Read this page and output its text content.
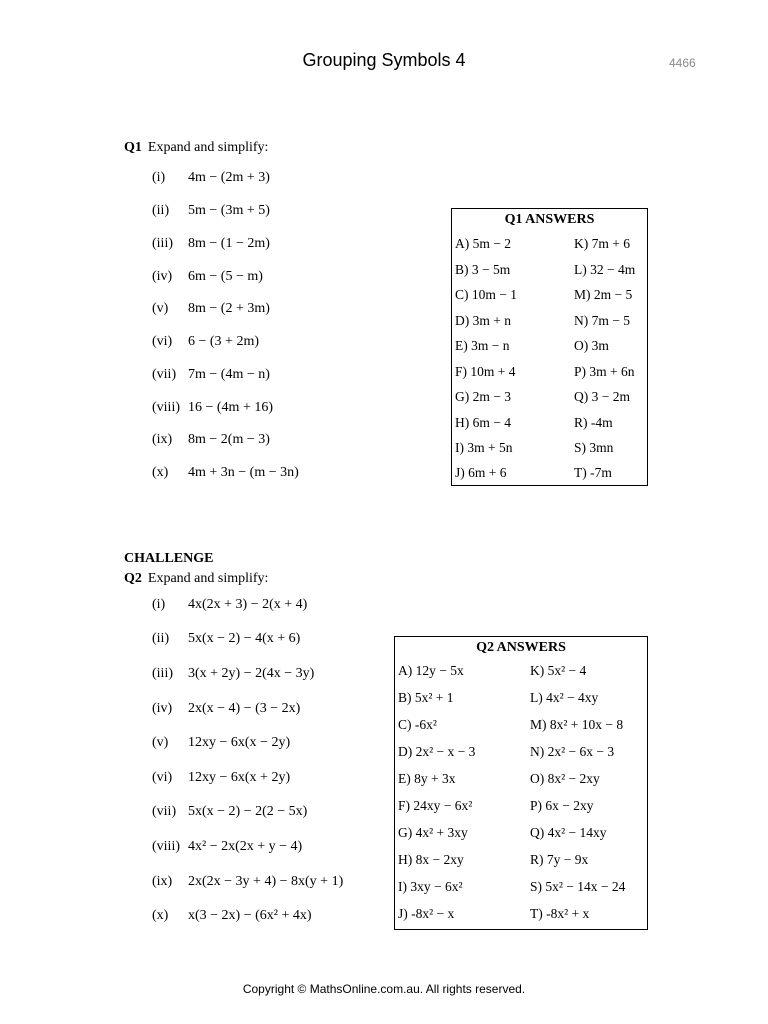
Grouping Symbols 4	4466
Q1 Expand and simplify:
(i) 4m − (2m + 3)
(ii) 5m − (3m + 5)
(iii) 8m − (1 − 2m)
(iv) 6m − (5 − m)
(v) 8m − (2 + 3m)
(vi) 6 − (3 + 2m)
(vii) 7m − (4m − n)
(viii) 16 − (4m + 16)
(ix) 8m − 2(m − 3)
(x) 4m + 3n − (m − 3n)
Q1 ANSWERS
A) 5m − 2
B) 3 − 5m
C) 10m − 1
D) 3m + n
E) 3m − n
F) 10m + 4
G) 2m − 3
H) 6m − 4
I) 3m + 5n
J) 6m + 6
K) 7m + 6
L) 32 − 4m
M) 2m − 5
N) 7m − 5
O) 3m
P) 3m + 6n
Q) 3 − 2m
R) -4m
S) 3mn
T) -7m
CHALLENGE
Q2 Expand and simplify:
(i) 4x(2x + 3) − 2(x + 4)
(ii) 5x(x − 2) − 4(x + 6)
(iii) 3(x + 2y) − 2(4x − 3y)
(iv) 2x(x − 4) − (3 − 2x)
(v) 12xy − 6x(x − 2y)
(vi) 12xy − 6x(x + 2y)
(vii) 5x(x − 2) − 2(2 − 5x)
(viii) 4x² − 2x(2x + y − 4)
(ix) 2x(2x − 3y + 4) − 8x(y + 1)
(x) x(3 − 2x) − (6x² + 4x)
Q2 ANSWERS
A) 12y − 5x
B) 5x² + 1
C) -6x²
D) 2x² − x − 3
E) 8y + 3x
F) 24xy − 6x²
G) 4x² + 3xy
H) 8x − 2xy
I) 3xy − 6x²
J) -8x² − x
K) 5x² − 4
L) 4x² − 4xy
M) 8x² + 10x − 8
N) 2x² − 6x − 3
O) 8x² − 2xy
P) 6x − 2xy
Q) 4x² − 14xy
R) 7y − 9x
S) 5x² − 14x − 24
T) -8x² + x
Copyright © MathsOnline.com.au. All rights reserved.
